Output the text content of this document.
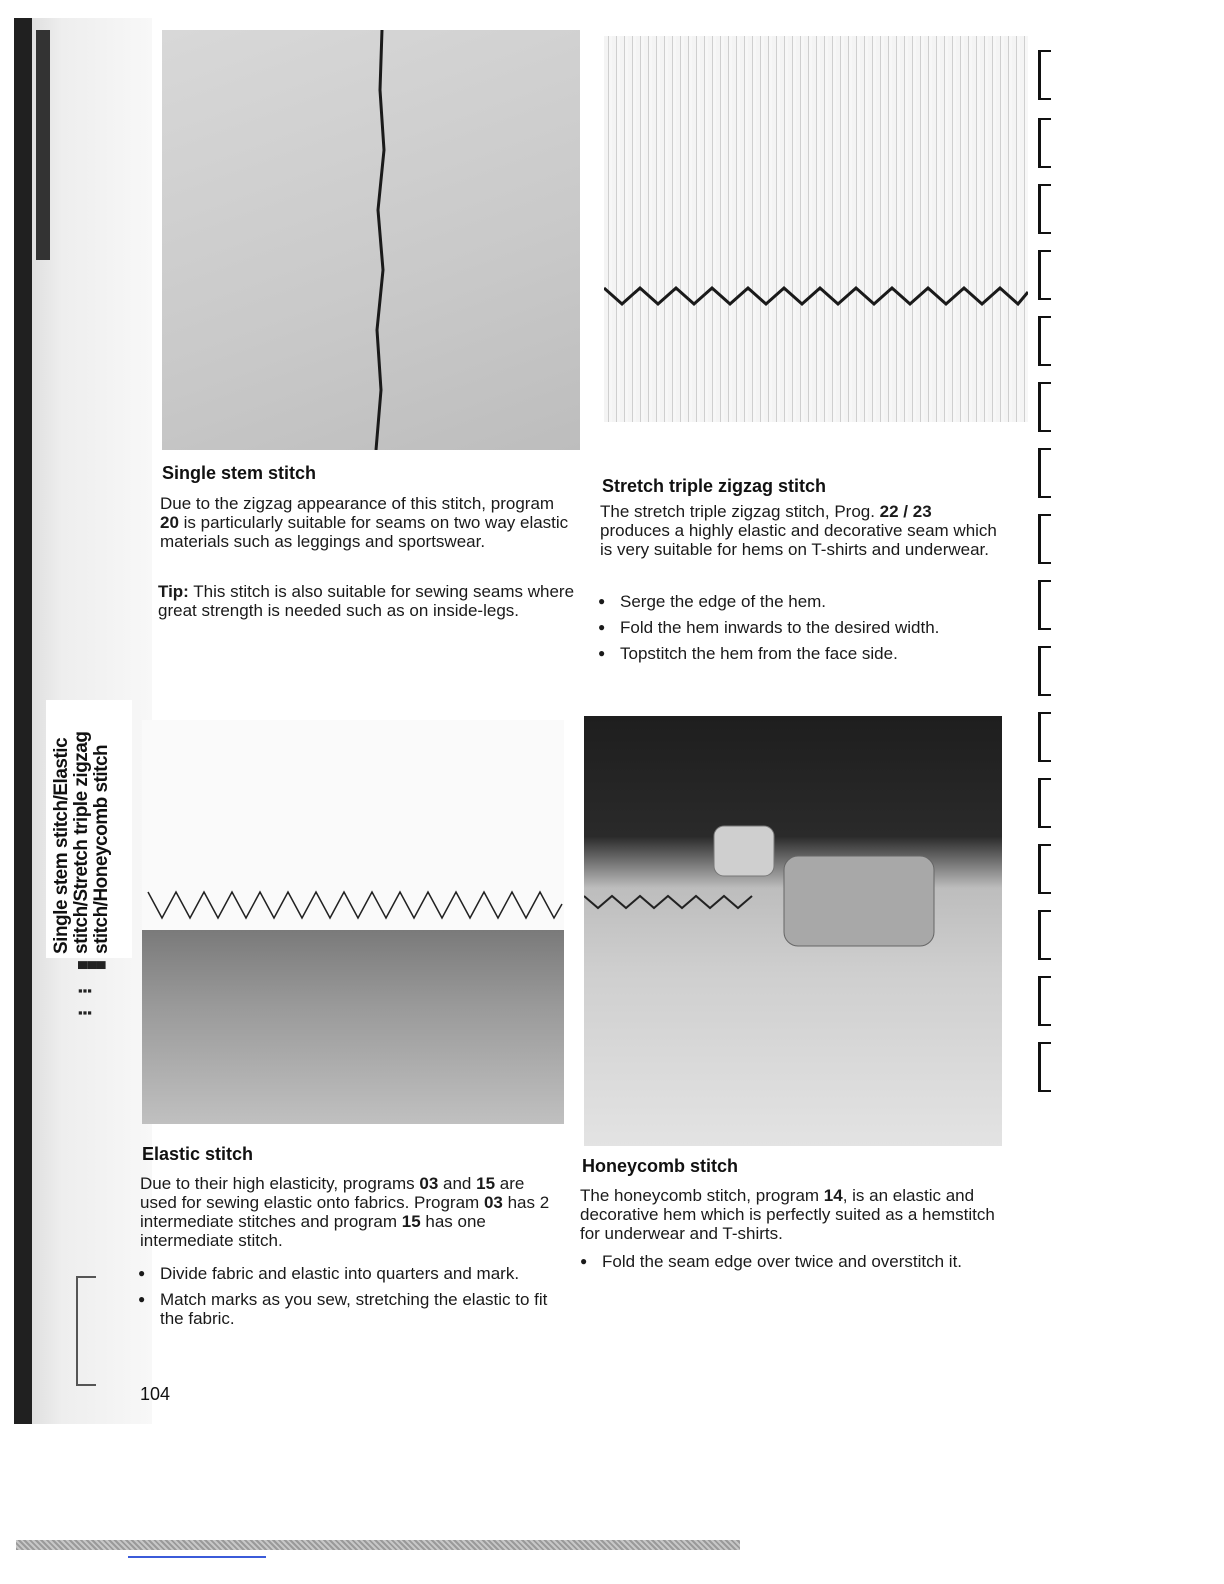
Single stem stitch/Elastic stitch/Stretch triple zigzag stitch/Honeycomb stitch
▀▀▀
▪▪▪
▪▪▪
Single stem stitch
Due to the zigzag appearance of this stitch, program 20 is particularly suitable for seams on two way elastic materials such as leggings and sportswear.
Tip: This stitch is also suitable for sewing seams where great strength is needed such as on inside-legs.
Stretch triple zigzag stitch
The stretch triple zigzag stitch, Prog. 22 / 23 produces a highly elastic and decorative seam which is very suitable for hems on T-shirts and underwear.
● Serge the edge of the hem.
● Fold the hem inwards to the desired width.
● Topstitch the hem from the face side.
Elastic stitch
Due to their high elasticity, programs 03 and 15 are used for sewing elastic onto fabrics. Program 03 has 2 intermediate stitches and program 15 has one intermediate stitch.
● Divide fabric and elastic into quarters and mark.
● Match marks as you sew, stretching the elastic to fit the fabric.
Honeycomb stitch
The honeycomb stitch, program 14, is an elastic and decorative hem which is perfectly suited as a hemstitch for underwear and T-shirts.
● Fold the seam edge over twice and overstitch it.
104
